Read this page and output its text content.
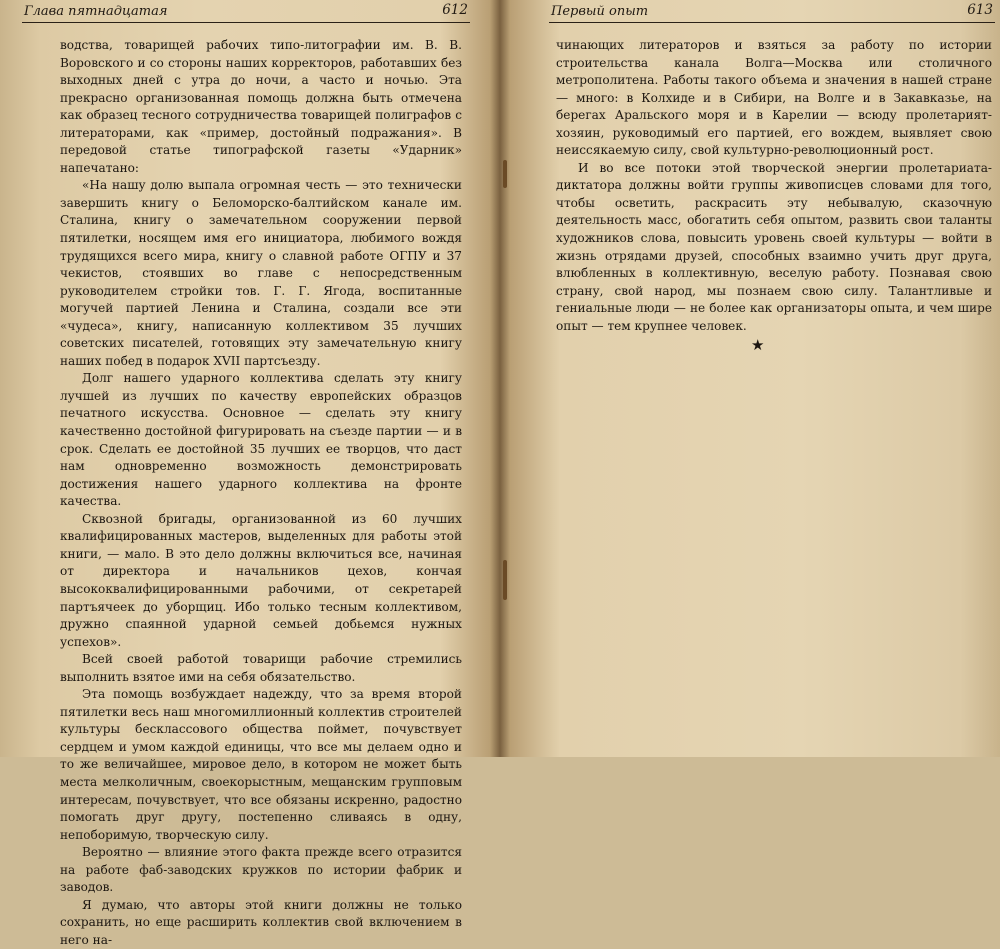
Глава пятнадцатая	612

водства, товарищей рабочих типо-литографии им. В. В. Воровского и со стороны наших корректоров, работавших без выходных дней с утра до ночи, а часто и ночью. Эта прекрасно организованная помощь должна быть отмечена как образец тесного сотрудничества товарищей полиграфов с литераторами, как «пример, достойный подражания». В передовой статье типографской газеты «Ударник» напечатано:

«На нашу долю выпала огромная честь — это технически завершить книгу о Беломорско-балтийском канале им. Сталина, книгу о замечательном сооружении первой пятилетки, носящем имя его инициатора, любимого вождя трудящихся всего мира, книгу о славной работе ОГПУ и 37 чекистов, стоявших во главе с непосредственным руководителем стройки тов. Г. Г. Ягода, воспитанные могучей партией Ленина и Сталина, создали все эти «чудеса», книгу, написанную коллективом 35 лучших советских писателей, готовящих эту замечательную книгу наших побед в подарок XVII партсъезду.

Долг нашего ударного коллектива сделать эту книгу лучшей из лучших по качеству европейских образцов печатного искусства. Основное — сделать эту книгу качественно достойной фигурировать на съезде партии — и в срок. Сделать ее достойной 35 лучших ее творцов, что даст нам одновременно возможность демонстрировать достижения нашего ударного коллектива на фронте качества.

Сквозной бригады, организованной из 60 лучших квалифицированных мастеров, выделенных для работы этой книги, — мало. В это дело должны включиться все, начиная от директора и начальников цехов, кончая высококвалифицированными рабочими, от секретарей партъячеек до уборщиц. Ибо только тесным коллективом, дружно спаянной ударной семьей добьемся нужных успехов».

Всей своей работой товарищи рабочие стремились выполнить взятое ими на себя обязательство.

Эта помощь возбуждает надежду, что за время второй пятилетки весь наш многомиллионный коллектив строителей культуры бесклассового общества поймет, почувствует сердцем и умом каждой единицы, что все мы делаем одно и то же величайшее, мировое дело, в котором не может быть места мелколичным, своекорыстным, мещанским групповым интересам, почувствует, что все обязаны искренно, радостно помогать друг другу, постепенно сливаясь в одну, непоборимую, творческую силу.

Вероятно — влияние этого факта прежде всего отразится на работе фаб-заводских кружков по истории фабрик и заводов.

Я думаю, что авторы этой книги должны не только сохранить, но еще расширить коллектив свой включением в него на-

Первый опыт	613

чинающих литераторов и взяться за работу по истории строительства канала Волга—Москва или столичного метрополитена. Работы такого объема и значения в нашей стране — много: в Колхиде и в Сибири, на Волге и в Закавказье, на берегах Аральского моря и в Карелии — всюду пролетарият-хозяин, руководимый его партией, его вождем, выявляет свою неиссякаемую силу, свой культурно-революционный рост.

И во все потоки этой творческой энергии пролетариата-диктатора должны войти группы живописцев словами для того, чтобы осветить, раскрасить эту небывалую, сказочную деятельность масс, обогатить себя опытом, развить свои таланты художников слова, повысить уровень своей культуры — войти в жизнь отрядами друзей, способных взаимно учить друг друга, влюбленных в коллективную, веселую работу. Познавая свою страну, свой народ, мы познаем свою силу. Талантливые и гениальные люди — не более как организаторы опыта, и чем шире опыт — тем крупнее человек.

★
